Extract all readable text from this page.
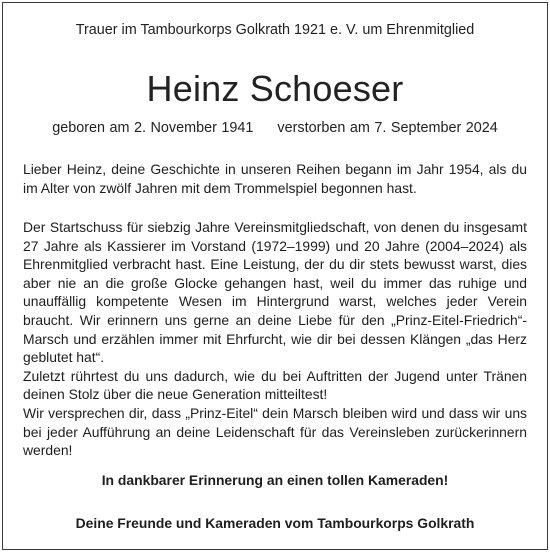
Trauer im Tambourkorps Golkrath 1921 e. V. um Ehrenmitglied
Heinz Schoeser
geboren am 2. November 1941 verstorben am 7. September 2024
Lieber Heinz, deine Geschichte in unseren Reihen begann im Jahr 1954, als du im Alter von zwölf Jahren mit dem Trommelspiel begonnen hast.
Der Startschuss für siebzig Jahre Vereinsmitgliedschaft, von denen du insgesamt 27 Jahre als Kassierer im Vorstand (1972–1999) und 20 Jahre (2004–2024) als Ehrenmitglied verbracht hast. Eine Leistung, der du dir stets bewusst warst, dies aber nie an die große Glocke gehangen hast, weil du immer das ruhige und unauffällig kompetente Wesen im Hintergrund warst, welches jeder Verein braucht. Wir erinnern uns gerne an deine Liebe für den „Prinz-Eitel-Friedrich“-Marsch und erzählen immer mit Ehrfurcht, wie dir bei dessen Klängen „das Herz geblutet hat“.
Zuletzt rührtest du uns dadurch, wie du bei Auftritten der Jugend unter Tränen deinen Stolz über die neue Generation mitteiltest!
Wir versprechen dir, dass „Prinz-Eitel“ dein Marsch bleiben wird und dass wir uns bei jeder Aufführung an deine Leidenschaft für das Vereinsleben zurückerinnern werden!
In dankbarer Erinnerung an einen tollen Kameraden!
Deine Freunde und Kameraden vom Tambourkorps Golkrath
